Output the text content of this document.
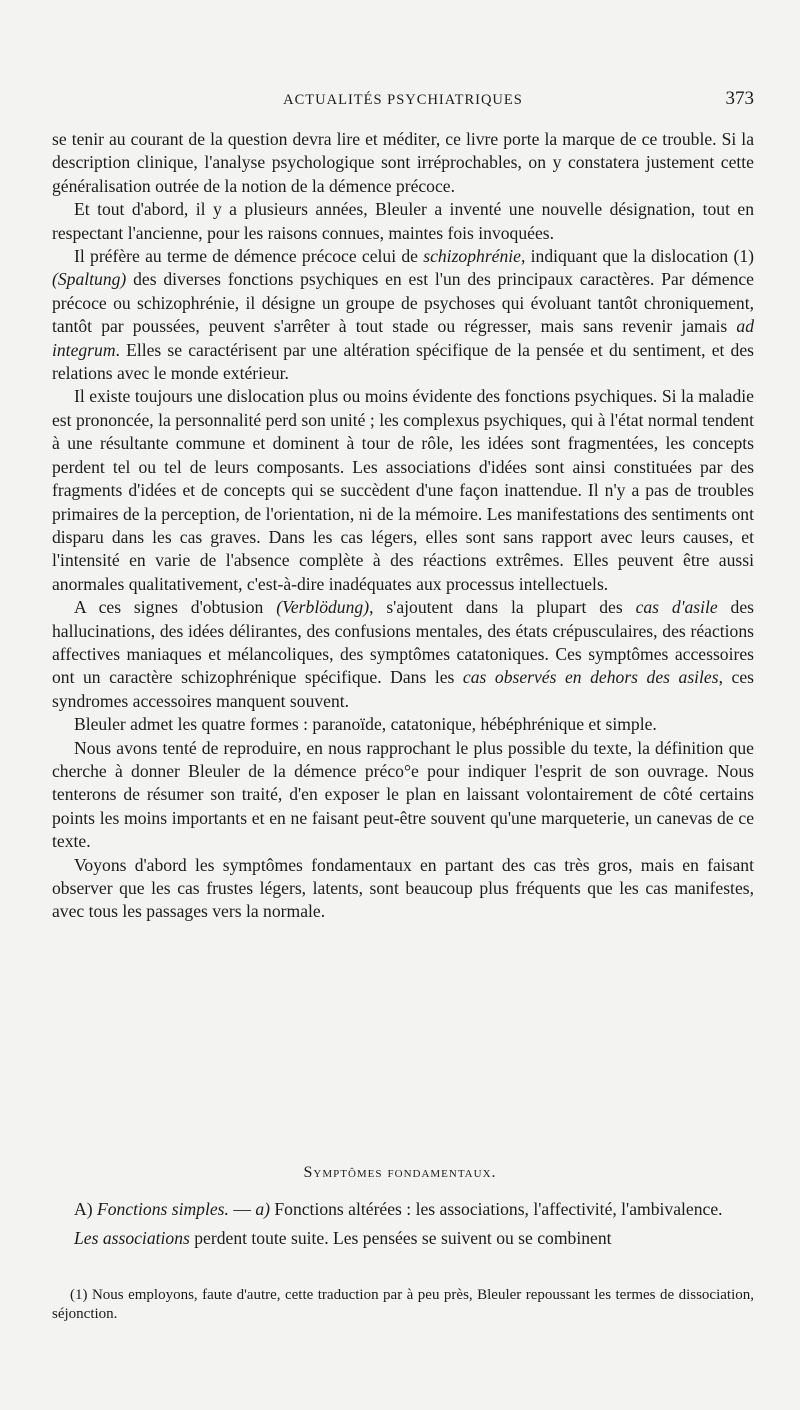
ACTUALITÉS PSYCHIATRIQUES	373

se tenir au courant de la question devra lire et méditer, ce livre porte la marque de ce trouble. Si la description clinique, l'analyse psychologique sont irréprochables, on y constatera justement cette généralisation outrée de la notion de la démence précoce.

Et tout d'abord, il y a plusieurs années, Bleuler a inventé une nouvelle désignation, tout en respectant l'ancienne, pour les raisons connues, maintes fois invoquées.

Il préfère au terme de démence précoce celui de schizophrénie, indiquant que la dislocation (1) (Spaltung) des diverses fonctions psychiques en est l'un des principaux caractères. Par démence précoce ou schizophrénie, il désigne un groupe de psychoses qui évoluant tantôt chroniquement, tantôt par poussées, peuvent s'arrêter à tout stade ou régresser, mais sans revenir jamais ad integrum. Elles se caractérisent par une altération spécifique de la pensée et du sentiment, et des relations avec le monde extérieur.

Il existe toujours une dislocation plus ou moins évidente des fonctions psychiques. Si la maladie est prononcée, la personnalité perd son unité ; les complexus psychiques, qui à l'état normal tendent à une résultante commune et dominent à tour de rôle, les idées sont fragmentées, les concepts perdent tel ou tel de leurs composants. Les associations d'idées sont ainsi constituées par des fragments d'idées et de concepts qui se succèdent d'une façon inattendue. Il n'y a pas de troubles primaires de la perception, de l'orientation, ni de la mémoire. Les manifestations des sentiments ont disparu dans les cas graves. Dans les cas légers, elles sont sans rapport avec leurs causes, et l'intensité en varie de l'absence complète à des réactions extrêmes. Elles peuvent être aussi anormales qualitativement, c'est-à-dire inadéquates aux processus intellectuels.

A ces signes d'obtusion (Verblödung), s'ajoutent dans la plupart des cas d'asile des hallucinations, des idées délirantes, des confusions mentales, des états crépusculaires, des réactions affectives maniaques et mélancoliques, des symptômes catatoniques. Ces symptômes accessoires ont un caractère schizophrénique spécifique. Dans les cas observés en dehors des asiles, ces syndromes accessoires manquent souvent.

Bleuler admet les quatre formes : paranoïde, catatonique, hébéphrénique et simple.

Nous avons tenté de reproduire, en nous rapprochant le plus possible du texte, la définition que cherche à donner Bleuler de la démence préco°e pour indiquer l'esprit de son ouvrage. Nous tenterons de résumer son traité, d'en exposer le plan en laissant volontairement de côté certains points les moins importants et en ne faisant peut-être souvent qu'une marqueterie, un canevas de ce texte.

Voyons d'abord les symptômes fondamentaux en partant des cas très gros, mais en faisant observer que les cas frustes légers, latents, sont beaucoup plus fréquents que les cas manifestes, avec tous les passages vers la normale.

Symptômes fondamentaux.

A) Fonctions simples. — a) Fonctions altérées : les associations, l'affectivité, l'ambivalence.

Les associations perdent toute suite. Les pensées se suivent ou se combinent

(1) Nous employons, faute d'autre, cette traduction par à peu près, Bleuler repoussant les termes de dissociation, séjonction.
